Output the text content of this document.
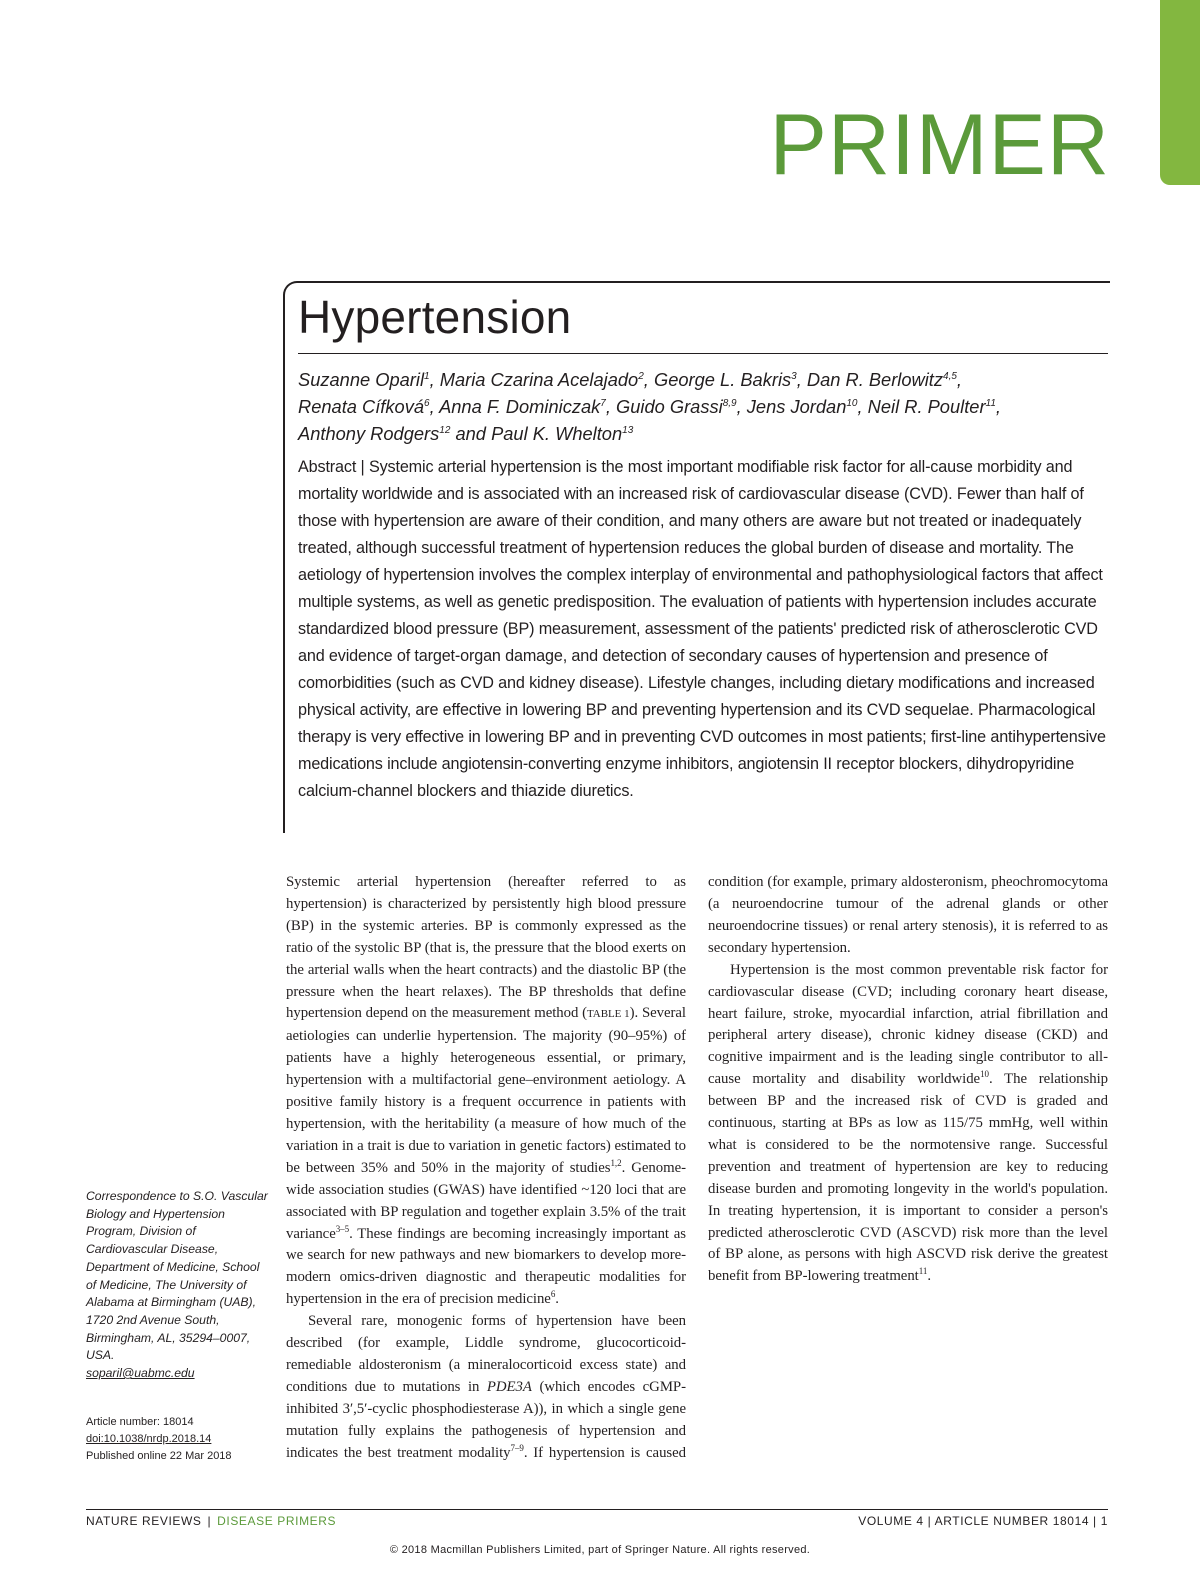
PRIMER
Hypertension
Suzanne Oparil$^1$, Maria Czarina Acelajado$^2$, George L. Bakris$^3$, Dan R. Berlowitz$^{4,5}$,
Renata Cífková$^6$, Anna F. Dominiczak$^7$, Guido Grassi$^{8,9}$, Jens Jordan$^{10}$, Neil R. Poulter$^{11}$,
Anthony Rodgers$^{12}$ and Paul K. Whelton$^{13}$
Abstract | Systemic arterial hypertension is the most important modifiable risk factor for all-cause morbidity and mortality worldwide and is associated with an increased risk of cardiovascular disease (CVD). Fewer than half of those with hypertension are aware of their condition, and many others are aware but not treated or inadequately treated, although successful treatment of hypertension reduces the global burden of disease and mortality. The aetiology of hypertension involves the complex interplay of environmental and pathophysiological factors that affect multiple systems, as well as genetic predisposition. The evaluation of patients with hypertension includes accurate standardized blood pressure (BP) measurement, assessment of the patients' predicted risk of atherosclerotic CVD and evidence of target-organ damage, and detection of secondary causes of hypertension and presence of comorbidities (such as CVD and kidney disease). Lifestyle changes, including dietary modifications and increased physical activity, are effective in lowering BP and preventing hypertension and its CVD sequelae. Pharmacological therapy is very effective in lowering BP and in preventing CVD outcomes in most patients; first-line antihypertensive medications include angiotensin-converting enzyme inhibitors, angiotensin II receptor blockers, dihydropyridine calcium-channel blockers and thiazide diuretics.

Systemic arterial hypertension (hereafter referred to as hypertension) is characterized by persistently high blood pressure (BP) in the systemic arteries. BP is commonly expressed as the ratio of the systolic BP (that is, the pressure that the blood exerts on the arterial walls when the heart contracts) and the diastolic BP (the pressure when the heart relaxes). The BP thresholds that define hypertension depend on the measurement method (TABLE 1). Several aetiologies can underlie hypertension. The majority (90–95%) of patients have a highly heterogeneous essential, or primary, hypertension with a multifactorial gene–environment aetiology. A positive family history is a frequent occurrence in patients with hypertension, with the heritability (a measure of how much of the variation in a trait is due to variation in genetic factors) estimated to be between 35% and 50% in the majority of studies$^{1,2}$. Genome-wide association studies (GWAS) have identified ~120 loci that are associated with BP regulation and together explain 3.5% of the trait variance$^{3-5}$. These findings are becoming increasingly important as we search for new pathways and new biomarkers to develop more-modern omics-driven diagnostic and therapeutic modalities for hypertension in the era of precision medicine$^6$.

Several rare, monogenic forms of hypertension have been described (for example, Liddle syndrome, glucocorticoid-remediable aldosteronism (a mineralocorticoid excess state) and conditions due to mutations in PDE3A (which encodes cGMP-inhibited 3′,5′-cyclic phosphodiesterase A)), in which a single gene mutation fully explains the pathogenesis of hypertension and indicates the best treatment modality$^{7-9}$. If hypertension is caused

condition (for example, primary aldosteronism, pheochromocytoma (a neuroendocrine tumour of the adrenal glands or other neuroendocrine tissues) or renal artery stenosis), it is referred to as secondary hypertension.

Hypertension is the most common preventable risk factor for cardiovascular disease (CVD; including coronary heart disease, heart failure, stroke, myocardial infarction, atrial fibrillation and peripheral artery disease), chronic kidney disease (CKD) and cognitive impairment and is the leading single contributor to all-cause mortality and disability worldwide$^{10}$. The relationship between BP and the increased risk of CVD is graded and continuous, starting at BPs as low as 115/75 mmHg, well within what is considered to be the normotensive range. Successful prevention and treatment of hypertension are key to reducing disease burden and promoting longevity in the world's population. In treating hypertension, it is important to consider a person's predicted atherosclerotic CVD (ASCVD) risk more than the level of BP alone, as persons with high ASCVD risk derive the greatest benefit from BP-lowering treatment$^{11}$.

Correspondence to S.O. Vascular Biology and Hypertension Program, Division of Cardiovascular Disease, Department of Medicine, School of Medicine, The University of Alabama at Birmingham (UAB), 1720 2nd Avenue South, Birmingham, AL, 35294–0007, USA.
soparil@uabmc.edu
Article number: 18014
doi:10.1038/nrdp.2018.14
Published online 22 Mar 2018
NATURE REVIEWS | DISEASE PRIMERS	VOLUME 4 | ARTICLE NUMBER 18014 | 1
© 2018 Macmillan Publishers Limited, part of Springer Nature. All rights reserved.
